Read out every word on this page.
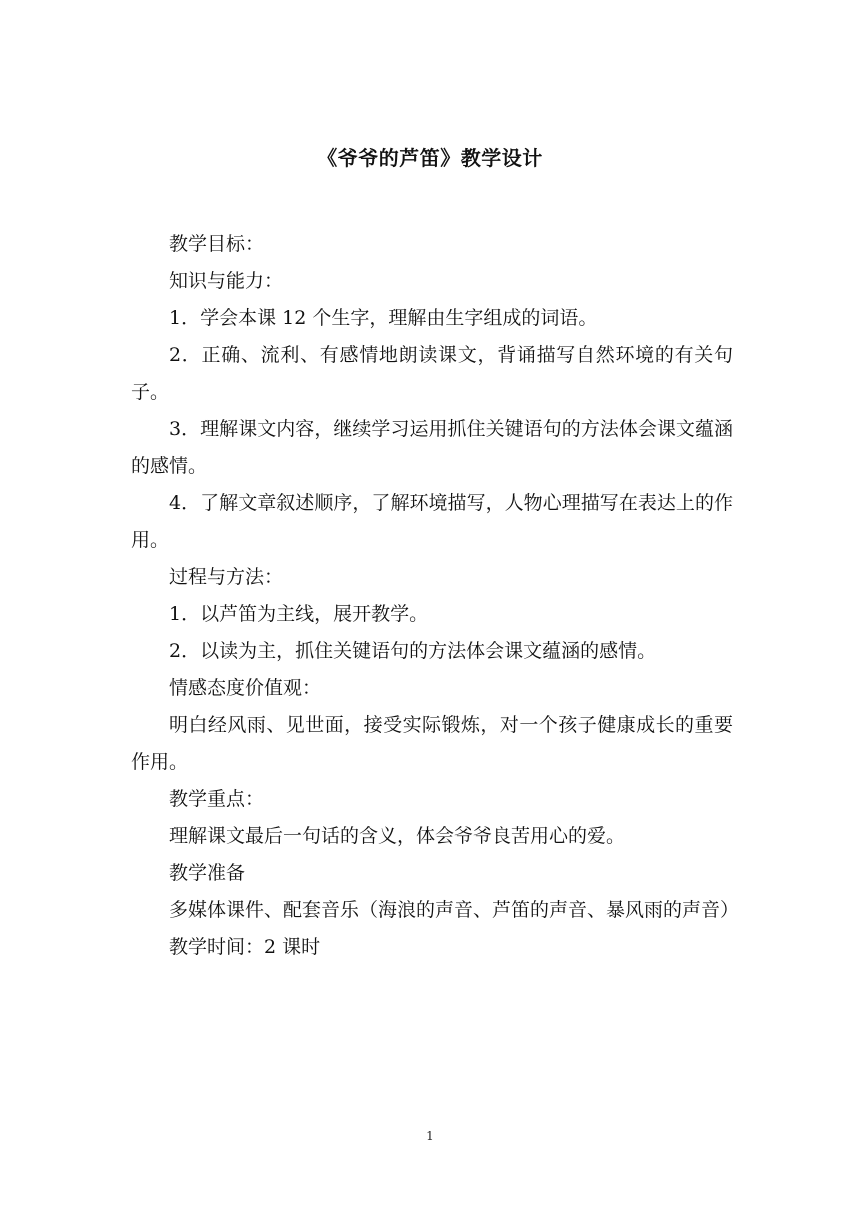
《爷爷的芦笛》教学设计

教学目标：

知识与能力：

1．学会本课 12 个生字，理解由生字组成的词语。

2．正确、流利、有感情地朗读课文，背诵描写自然环境的有关句子。

3．理解课文内容，继续学习运用抓住关键语句的方法体会课文蕴涵的感情。

4．了解文章叙述顺序，了解环境描写，人物心理描写在表达上的作用。

过程与方法：

1．以芦笛为主线，展开教学。

2．以读为主，抓住关键语句的方法体会课文蕴涵的感情。

情感态度价值观：

明白经风雨、见世面，接受实际锻炼，对一个孩子健康成长的重要作用。

教学重点：

理解课文最后一句话的含义，体会爷爷良苦用心的爱。

教学准备

多媒体课件、配套音乐（海浪的声音、芦笛的声音、暴风雨的声音）

教学时间：2 课时

1
